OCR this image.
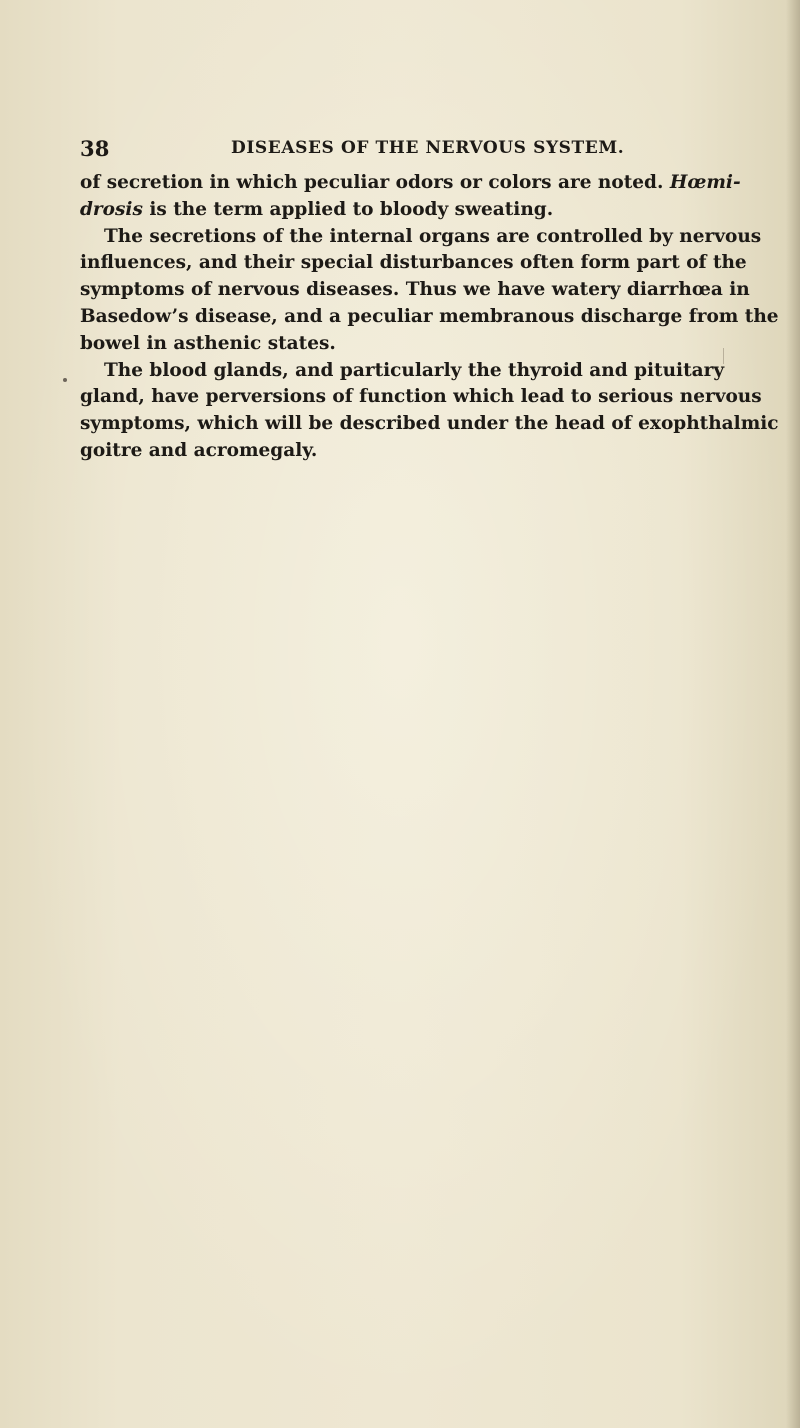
38	DISEASES OF THE NERVOUS SYSTEM.
of secretion in which peculiar odors or colors are noted. Hœmi-
drosis is the term applied to bloody sweating.
The secretions of the internal organs are controlled by nervous
influences, and their special disturbances often form part of the
symptoms of nervous diseases. Thus we have watery diarrhœa in
Basedow’s disease, and a peculiar membranous discharge from the
bowel in asthenic states.
The blood glands, and particularly the thyroid and pituitary
gland, have perversions of function which lead to serious nervous
symptoms, which will be described under the head of exophthalmic
goitre and acromegaly.
